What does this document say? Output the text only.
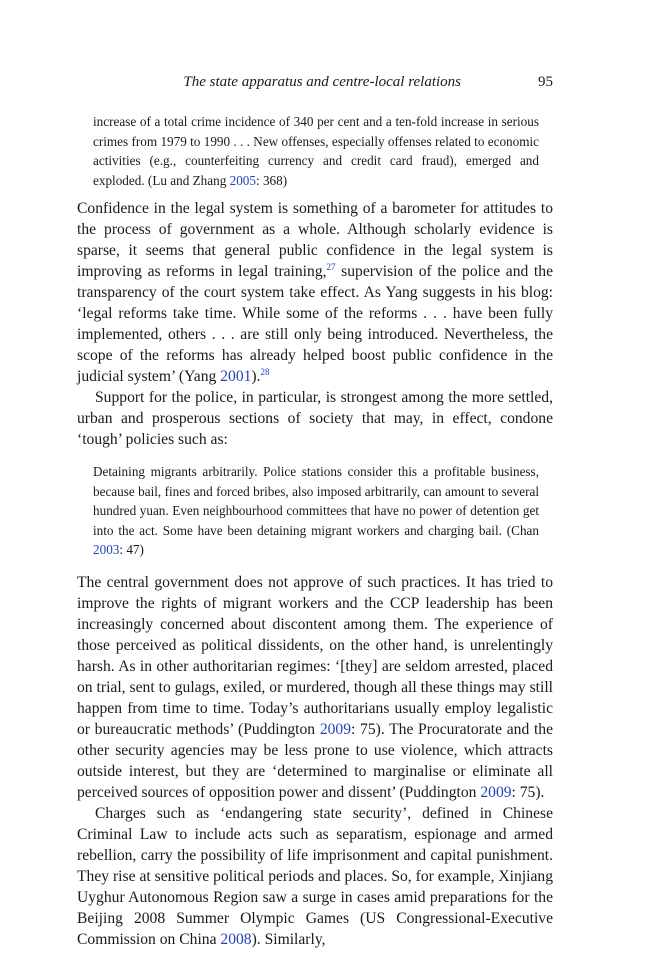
The state apparatus and centre-local relations	95
increase of a total crime incidence of 340 per cent and a ten-fold increase in serious crimes from 1979 to 1990 . . . New offenses, especially offenses related to economic activities (e.g., counterfeiting currency and credit card fraud), emerged and exploded. (Lu and Zhang 2005: 368)

Confidence in the legal system is something of a barometer for attitudes to the process of government as a whole. Although scholarly evidence is sparse, it seems that general public confidence in the legal system is improving as reforms in legal training,$^{27}$ supervision of the police and the transparency of the court system take effect. As Yang suggests in his blog: ‘legal reforms take time. While some of the reforms . . . have been fully implemented, others . . . are still only being introduced. Nevertheless, the scope of the reforms has already helped boost public confidence in the judicial system’ (Yang 2001).$^{28}$

Support for the police, in particular, is strongest among the more settled, urban and prosperous sections of society that may, in effect, condone ‘tough’ policies such as:

Detaining migrants arbitrarily. Police stations consider this a profitable business, because bail, fines and forced bribes, also imposed arbitrarily, can amount to several hundred yuan. Even neighbourhood committees that have no power of detention get into the act. Some have been detaining migrant workers and charging bail. (Chan 2003: 47)

The central government does not approve of such practices. It has tried to improve the rights of migrant workers and the CCP leadership has been increasingly concerned about discontent among them. The experience of those perceived as political dissidents, on the other hand, is unrelentingly harsh. As in other authoritarian regimes: ‘[they] are seldom arrested, placed on trial, sent to gulags, exiled, or murdered, though all these things may still happen from time to time. Today’s authoritarians usually employ legalistic or bureaucratic methods’ (Puddington 2009: 75). The Procuratorate and the other security agencies may be less prone to use violence, which attracts outside interest, but they are ‘determined to marginalise or eliminate all perceived sources of opposition power and dissent’ (Puddington 2009: 75).

Charges such as ‘endangering state security’, defined in Chinese Criminal Law to include acts such as separatism, espionage and armed rebellion, carry the possibility of life imprisonment and capital punishment. They rise at sensitive political periods and places. So, for example, Xinjiang Uyghur Autonomous Region saw a surge in cases amid preparations for the Beijing 2008 Summer Olympic Games (US Congressional-Executive Commission on China 2008). Similarly,
